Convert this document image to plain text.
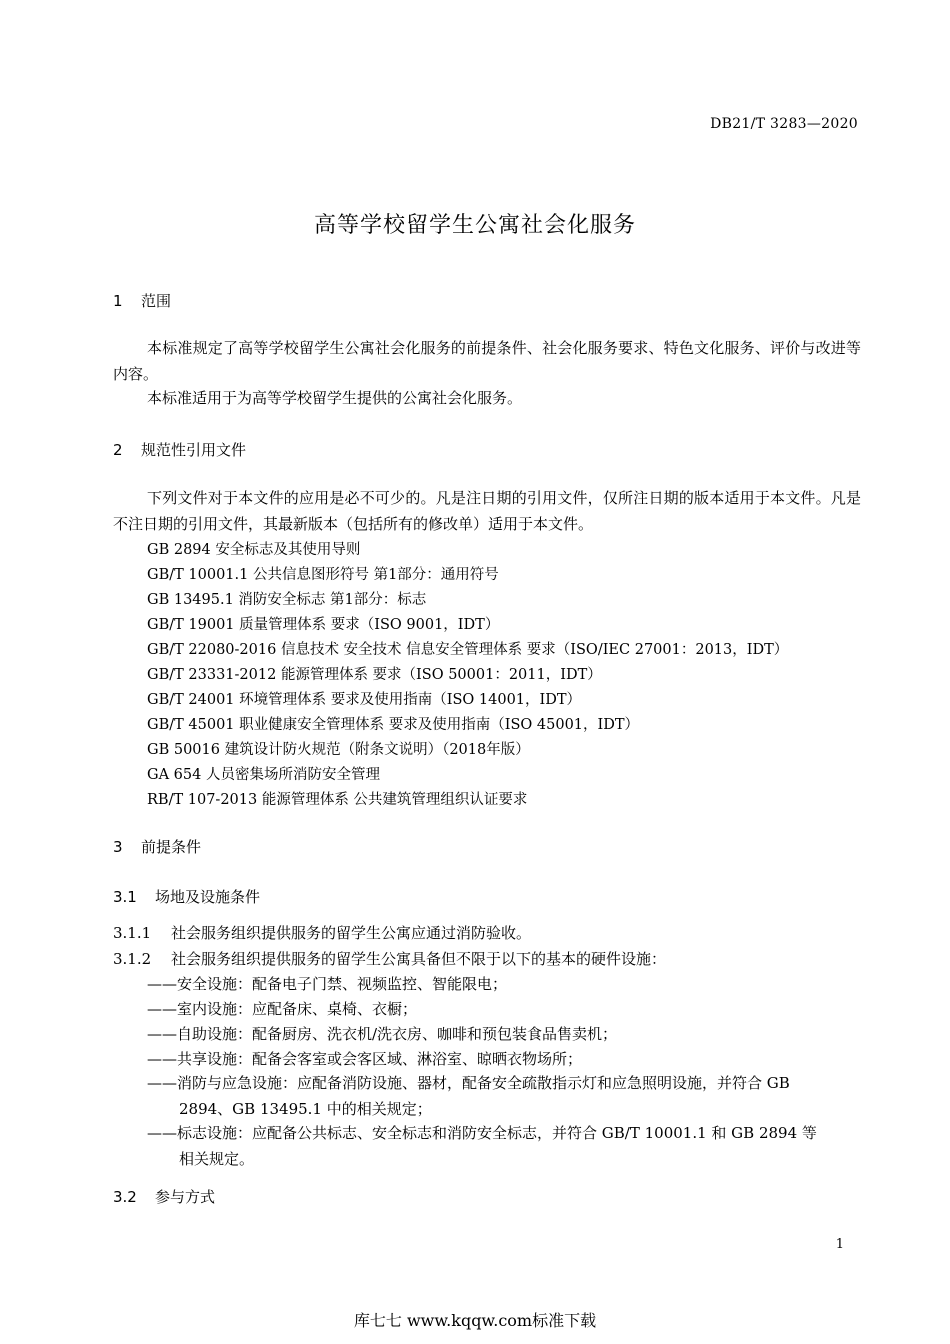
DB21/T 3283—2020
高等学校留学生公寓社会化服务
1 范围
本标准规定了高等学校留学生公寓社会化服务的前提条件、社会化服务要求、特色文化服务、评价与改进等内容。
本标准适用于为高等学校留学生提供的公寓社会化服务。
2 规范性引用文件
下列文件对于本文件的应用是必不可少的。凡是注日期的引用文件，仅所注日期的版本适用于本文件。凡是不注日期的引用文件，其最新版本（包括所有的修改单）适用于本文件。
GB 2894 安全标志及其使用导则
GB/T 10001.1 公共信息图形符号 第1部分：通用符号
GB 13495.1 消防安全标志 第1部分：标志
GB/T 19001 质量管理体系 要求（ISO 9001，IDT）
GB/T 22080-2016 信息技术 安全技术 信息安全管理体系 要求（ISO/IEC 27001：2013，IDT）
GB/T 23331-2012 能源管理体系 要求（ISO 50001：2011，IDT）
GB/T 24001 环境管理体系 要求及使用指南（ISO 14001，IDT）
GB/T 45001 职业健康安全管理体系 要求及使用指南（ISO 45001，IDT）
GB 50016 建筑设计防火规范（附条文说明）（2018年版）
GA 654 人员密集场所消防安全管理
RB/T 107-2013 能源管理体系 公共建筑管理组织认证要求
3 前提条件
3.1 场地及设施条件
3.1.1 社会服务组织提供服务的留学生公寓应通过消防验收。
3.1.2 社会服务组织提供服务的留学生公寓具备但不限于以下的基本的硬件设施：
——安全设施：配备电子门禁、视频监控、智能限电；
——室内设施：应配备床、桌椅、衣橱；
——自助设施：配备厨房、洗衣机/洗衣房、咖啡和预包装食品售卖机；
——共享设施：配备会客室或会客区域、淋浴室、晾晒衣物场所；
——消防与应急设施：应配备消防设施、器材，配备安全疏散指示灯和应急照明设施，并符合 GB
2894、GB 13495.1 中的相关规定；
——标志设施：应配备公共标志、安全标志和消防安全标志，并符合 GB/T 10001.1 和 GB 2894 等
相关规定。
3.2 参与方式
1
库七七 www.kqqw.com标准下载
